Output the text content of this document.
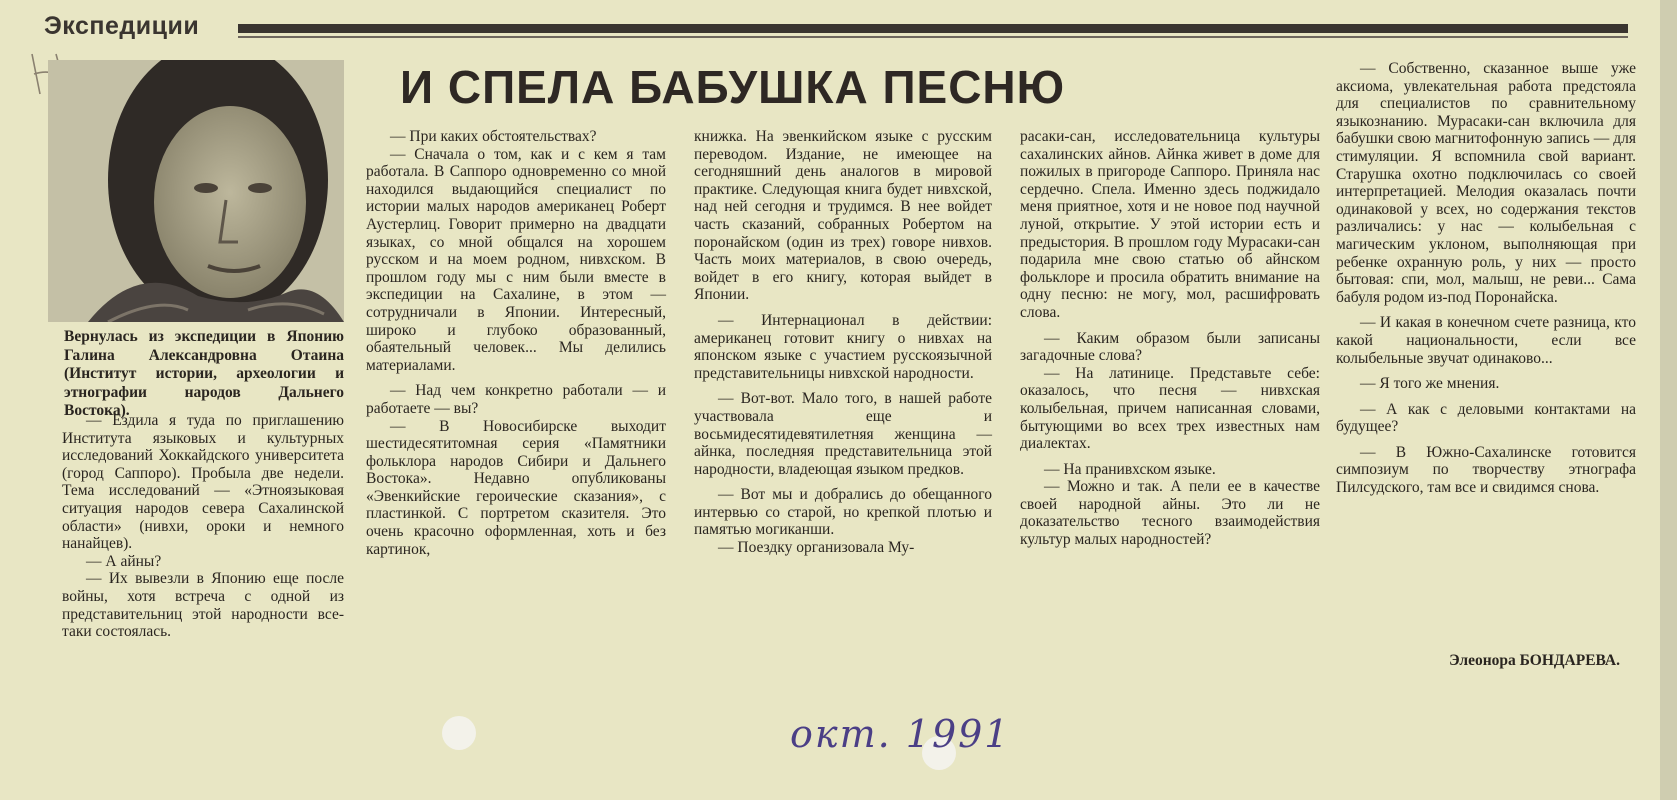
Экспедиции
И СПЕЛА БАБУШКА ПЕСНЮ
Вернулась из экспедиции в Японию Галина Александровна Отаина (Институт истории, археологии и этнографии народов Дальнего Востока).

— Ездила я туда по приглашению Института языковых и культурных исследований Хоккайдского университета (город Саппоро). Пробыла две недели. Тема исследований — «Этноязыковая ситуация народов севера Сахалинской области» (нивхи, ороки и немного нанайцев).

— А айны?

— Их вывезли в Японию еще после войны, хотя встреча с одной из представительниц этой народности все-таки состоялась.

— При каких обстоятельствах?

— Сначала о том, как и с кем я там работала. В Саппоро одновременно со мной находился выдающийся специалист по истории малых народов американец Роберт Аустерлиц. Говорит примерно на двадцати языках, со мной общался на хорошем русском и на моем родном, нивхском. В прошлом году мы с ним были вместе в экспедиции на Сахалине, в этом — сотрудничали в Японии. Интересный, широко и глубоко образованный, обаятельный человек... Мы делились материалами.

— Над чем конкретно работали — и работаете — вы?

— В Новосибирске выходит шестидесятитомная серия «Памятники фольклора народов Сибири и Дальнего Востока». Недавно опубликованы «Эвенкийские героические сказания», с пластинкой. С портретом сказителя. Это очень красочно оформленная, хоть и без картинок,

книжка. На эвенкийском языке с русским переводом. Издание, не имеющее на сегодняшний день аналогов в мировой практике. Следующая книга будет нивхской, над ней сегодня и трудимся. В нее войдет часть сказаний, собранных Робертом на поронайском (один из трех) говоре нивхов. Часть моих материалов, в свою очередь, войдет в его книгу, которая выйдет в Японии.

— Интернационал в действии: американец готовит книгу о нивхах на японском языке с участием русскоязычной представительницы нивхской народности.

— Вот-вот. Мало того, в нашей работе участвовала еще и восьмидесятидевятилетняя женщина — айнка, последняя представительница этой народности, владеющая языком предков.

— Вот мы и добрались до обещанного интервью со старой, но крепкой плотью и памятью могиканши.

— Поездку организовала Му-

расаки-сан, исследовательница культуры сахалинских айнов. Айнка живет в доме для пожилых в пригороде Саппоро. Приняла нас сердечно. Спела. Именно здесь поджидало меня приятное, хотя и не новое под научной луной, открытие. У этой истории есть и предыстория. В прошлом году Мурасаки-сан подарила мне свою статью об айнском фольклоре и просила обратить внимание на одну песню: не могу, мол, расшифровать слова.

— Каким образом были записаны загадочные слова?

— На латинице. Представьте себе: оказалось, что песня — нивхская колыбельная, причем написанная словами, бытующими во всех трех известных нам диалектах.

— На пранивхском языке.

— Можно и так. А пели ее в качестве своей народной айны. Это ли не доказательство тесного взаимодействия культур малых народностей?

— Собственно, сказанное выше уже аксиома, увлекательная работа предстояла для специалистов по сравнительному языкознанию. Мурасаки-сан включила для бабушки свою магнитофонную запись — для стимуляции. Я вспомнила свой вариант. Старушка охотно подключилась со своей интерпретацией. Мелодия оказалась почти одинаковой у всех, но содержания текстов различались: у нас — колыбельная с магическим уклоном, выполняющая при ребенке охранную роль, у них — просто бытовая: спи, мол, малыш, не реви... Сама бабуля родом из-под Поронайска.

— И какая в конечном счете разница, кто какой национальности, если все колыбельные звучат одинаково...

— Я того же мнения.

— А как с деловыми контактами на будущее?

— В Южно-Сахалинске готовится симпозиум по творчеству этнографа Пилсудского, там все и свидимся снова.

Элеонора БОНДАРЕВА.
окт. 1991
